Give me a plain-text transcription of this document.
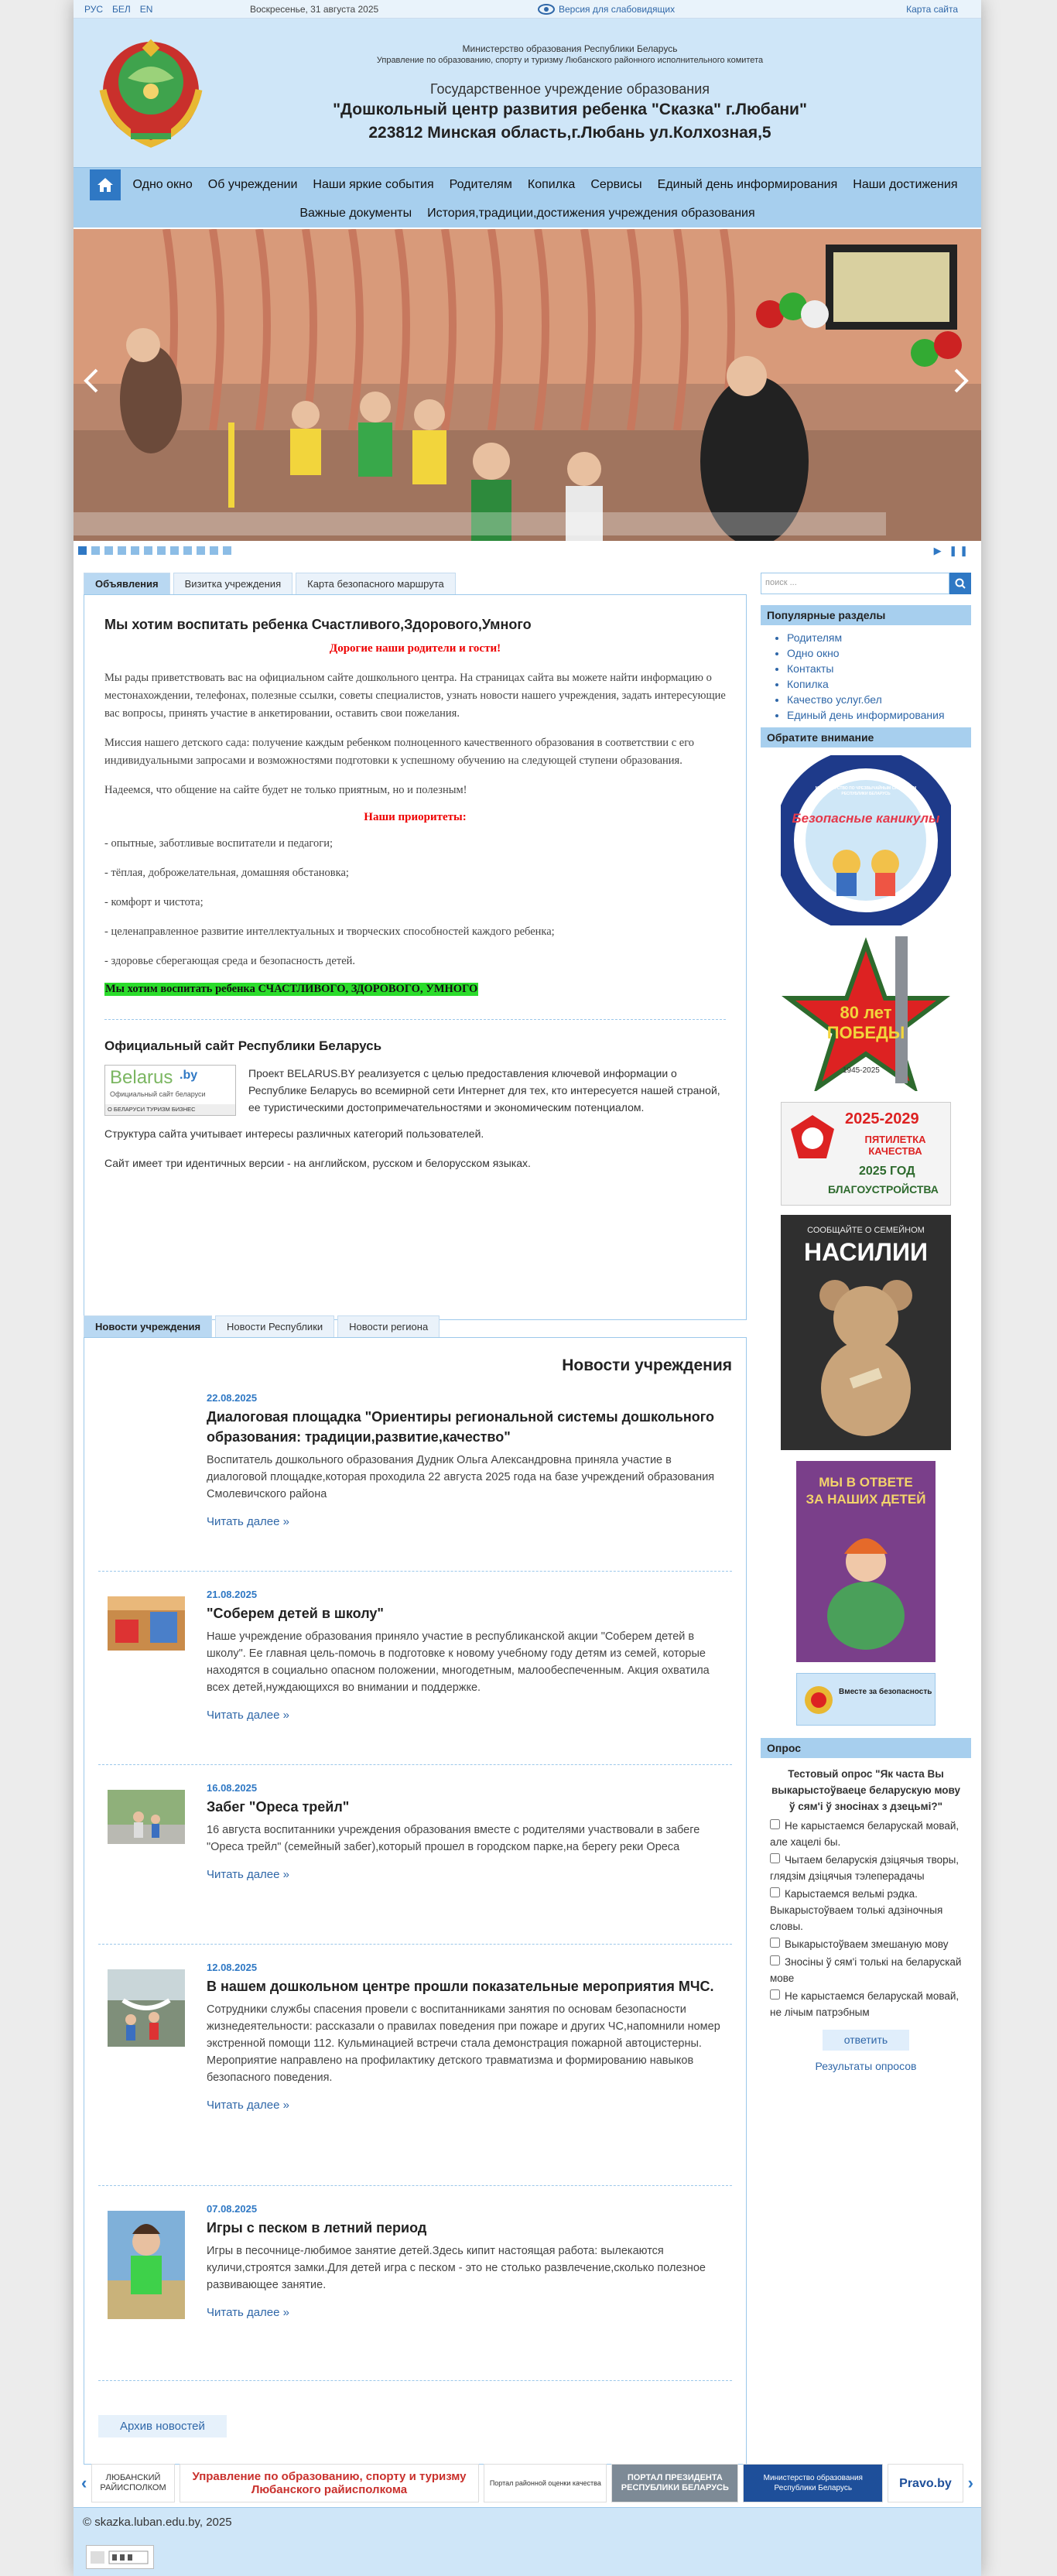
РУС БЕЛ EN	Воскресенье, 31 августа 2025	Версия для слабовидящих	Карта сайта
Министерство образования Республики Беларусь
Управление по образованию, спорту и туризму Любанского районного исполнительного комитета
Государственное учреждение образования
"Дошкольный центр развития ребенка "Сказка" г.Любани"
223812 Минская область,г.Любань ул.Колхозная,5
Одно окно	Об учреждении	Наши яркие события	Родителям	Копилка	Сервисы	Единый день информирования	Наши достижения
Важные документы	История,традиции,достижения учреждения образования
▶ ❚❚
Объявления	Визитка учреждения	Карта безопасного маршрута
Мы хотим воспитать ребенка Счастливого,Здорового,Умного
Дорогие наши родители и гости!

Мы рады приветствовать вас на официальном сайте дошкольного центра. На страницах сайта вы можете найти информацию о местонахождении, телефонах, полезные ссылки, советы специалистов, узнать новости нашего учреждения, задать интересующие вас вопросы, принять участие в анкетировании, оставить свои пожелания.

Миссия нашего детского сада: получение каждым ребенком полноценного качественного образования в соответствии с его индивидуальными запросами и возможностями подготовки к успешному обучению на следующей ступени образования.

Надеемся, что общение на сайте будет не только приятным, но и полезным!

Наши приоритеты:

- опытные, заботливые воспитатели и педагоги;

- тёплая, доброжелательная, домашняя обстановка;

- комфорт и чистота;

- целенаправленное развитие интеллектуальных и творческих способностей каждого ребенка;

- здоровье сберегающая среда и безопасность детей.

Мы хотим воспитать ребенка СЧАСТЛИВОГО, ЗДОРОВОГО, УМНОГО
Официальный сайт Республики Беларусь
Belarus .by
Официальный сайт беларуси
О БЕЛАРУСИ ТУРИЗМ БИЗНЕС

Проект BELARUS.BY реализуется с целью предоставления ключевой информации о Республике Беларусь во всемирной сети Интернет для тех, кто интересуется нашей страной, ее туристическими достопримечательностями и экономическим потенциалом.

Структура сайта учитывает интересы различных категорий пользователей.

Сайт имеет три идентичных версии - на английском, русском и белорусском языках.

Новости учреждения	Новости Республики	Новости региона
Новости учреждения
22.08.2025
Диалоговая площадка "Ориентиры региональной системы дошкольного образования: традиции,развитие,качество"
Воспитатель дошкольного образования Дудник Ольга Александровна приняла участие в диалоговой площадке,которая проходила 22 августа 2025 года на базе учреждений образования Смолевичского района
Читать далее »
21.08.2025
"Соберем детей в школу"
Наше учреждение образования приняло участие в республиканской акции "Соберем детей в школу". Ее главная цель-помочь в подготовке к новому учебному году детям из семей, которые находятся в социально опасном положении, многодетным, малообеспеченным. Акция охватила всех детей,нуждающихся во внимании и поддержке.
Читать далее »
16.08.2025
Забег "Ореса трейл"
16 августа воспитанники учреждения образования вместе с родителями участвовали в забеге "Ореса трейл" (семейный забег),который прошел в городском парке,на берегу реки Ореса
Читать далее »
12.08.2025
В нашем дошкольном центре прошли показательные мероприятия МЧС.
Сотрудники службы спасения провели с воспитанниками занятия по основам безопасности жизнедеятельности: рассказали о правилах поведения при пожаре и других ЧС,напомнили номер экстренной помощи 112. Кульминацией встречи стала демонстрация пожарной автоцистерны. Мероприятие направлено на профилактику детского травматизма и формированию навыков безопасного поведения.
Читать далее »
07.08.2025
Игры с песком в летний период
Игры в песочнице-любимое занятие детей.Здесь кипит настоящая работа: вылекаются куличи,строятся замки.Для детей игра с песком - это не столько развлечение,сколько полезное развивающее занятие.
Читать далее »
Архив новостей
поиск ...
Популярные разделы
• Родителям
• Одно окно
• Контакты
• Копилка
• Качество услуг.бел
• Единый день информирования
Обратите внимание
Безопасные каникулы
МИНИСТЕРСТВО ПО ЧРЕЗВЫЧАЙНЫМ СИТУАЦИЯМ РЕСПУБЛИКИ БЕЛАРУСЬ
80 лет ПОБЕДЫ
1945-2025
2025-2029
ПЯТИЛЕТКА КАЧЕСТВА
2025 ГОД
БЛАГОУСТРОЙСТВА
СООБЩАЙТЕ О СЕМЕЙНОМ
НАСИЛИИ
МЫ В ОТВЕТЕ
ЗА НАШИХ ДЕТЕЙ
Вместе за безопасность
Опрос
Тестовый опрос "Як часта Вы выкарыстоўваеце беларускую мову ў сям'і ў зносінах з дзецьмі?"
Не карыстаемся беларускай мовай, але хацелі бы.
Чытаем беларускія дзіцячыя творы, глядзім дзіцячыя тэлеперадачы
Карыстаемся вельмі рэдка. Выкарыстоўваем толькі адзіночныя словы.
Выкарыстоўваем змешаную мову
Зносіны ў сям'і толькі на беларускай мове
Не карыстаемся беларускай мовай, не лічым патрэбным
ответить
Результаты опросов
‹	ЛЮБАНСКИЙ РАЙИСПОЛКОМ
Управление по образованию, спорту и туризму Любанского райисполкома
Портал районной оценки качества
ПОРТАЛ ПРЕЗИДЕНТА РЕСПУБЛИКИ БЕЛАРУСЬ
Министерство образования Республики Беларусь	Pravo.by ›
© skazka.luban.edu.by, 2025
